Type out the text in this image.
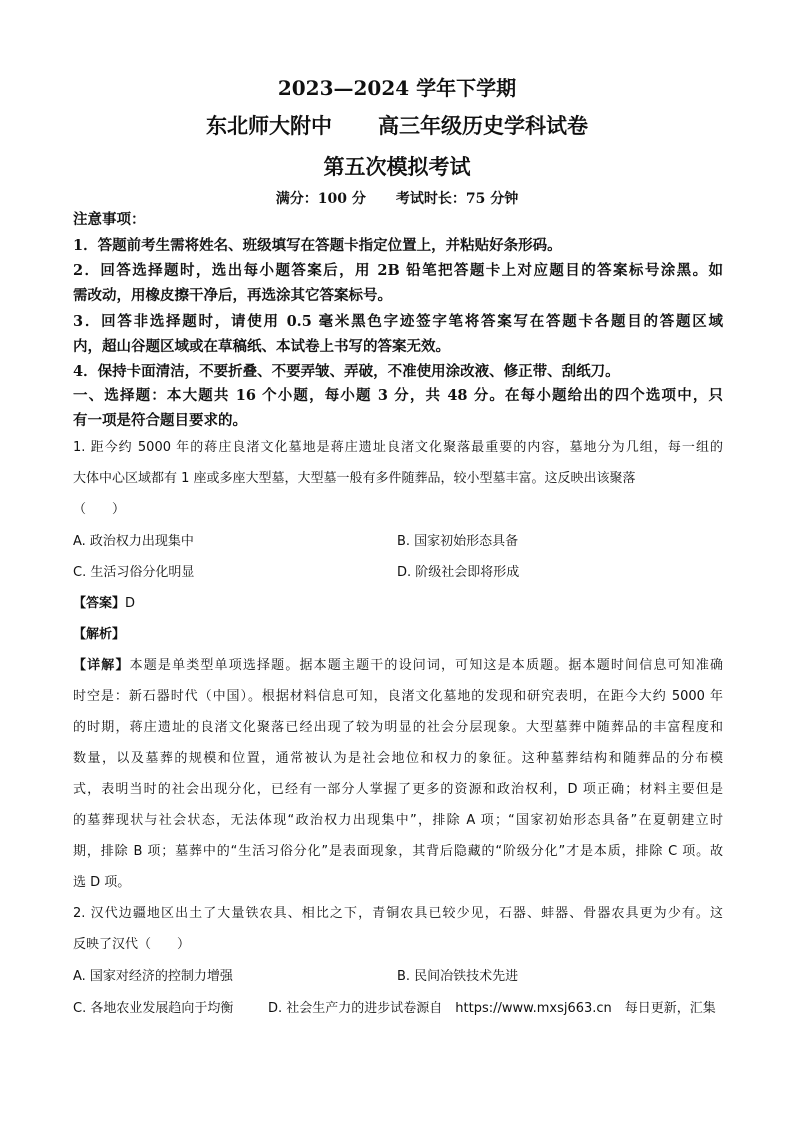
2023—2024 学年下学期
东北师大附中 高三年级历史学科试卷
第五次模拟考试
满分：100 分 考试时长：75 分钟
注意事项：
1．答题前考生需将姓名、班级填写在答题卡指定位置上，并粘贴好条形码。
2．回答选择题时，选出每小题答案后，用 2B 铅笔把答题卡上对应题目的答案标号涂黑。如
需改动，用橡皮擦干净后，再选涂其它答案标号。
3．回答非选择题时，请使用 0.5 毫米黑色字迹签字笔将答案写在答题卡各题目的答题区域
内，超山谷题区域或在草稿纸、本试卷上书写的答案无效。
4．保持卡面清洁，不要折叠、不要弄皱、弄破，不准使用涂改液、修正带、刮纸刀。
一、选择题：本大题共 16 个小题，每小题 3 分，共 48 分。在每小题给出的四个选项中，只
有一项是符合题目要求的。
1. 距今约 5000 年的蒋庄良渚文化墓地是蒋庄遗址良渚文化聚落最重要的内容，墓地分为几组，每一组的
大体中心区域都有 1 座或多座大型墓，大型墓一般有多件随葬品，较小型墓丰富。这反映出该聚落
（　　）
A. 政治权力出现集中	B. 国家初始形态具备
C. 生活习俗分化明显	D. 阶级社会即将形成
【答案】D
【解析】
【详解】本题是单类型单项选择题。据本题主题干的设问词，可知这是本质题。据本题时间信息可知准确
时空是：新石器时代（中国）。根据材料信息可知，良渚文化墓地的发现和研究表明，在距今大约 5000 年
的时期，蒋庄遗址的良渚文化聚落已经出现了较为明显的社会分层现象。大型墓葬中随葬品的丰富程度和
数量，以及墓葬的规模和位置，通常被认为是社会地位和权力的象征。这种墓葬结构和随葬品的分布模
式，表明当时的社会出现分化，已经有一部分人掌握了更多的资源和政治权利，D 项正确；材料主要但是
的墓葬现状与社会状态，无法体现“政治权力出现集中”，排除 A 项；“国家初始形态具备”在夏朝建立时
期，排除 B 项；墓葬中的“生活习俗分化”是表面现象，其背后隐藏的“阶级分化”才是本质，排除 C 项。故
选 D 项。
2. 汉代边疆地区出土了大量铁农具、相比之下，青铜农具已较少见，石器、蚌器、骨器农具更为少有。这
反映了汉代（　　）
A. 国家对经济的控制力增强	B. 民间冶铁技术先进
C. 各地农业发展趋向于均衡	D. 社会生产力的进步试卷源自　https://www.mxsj663.cn　每日更新，汇集
